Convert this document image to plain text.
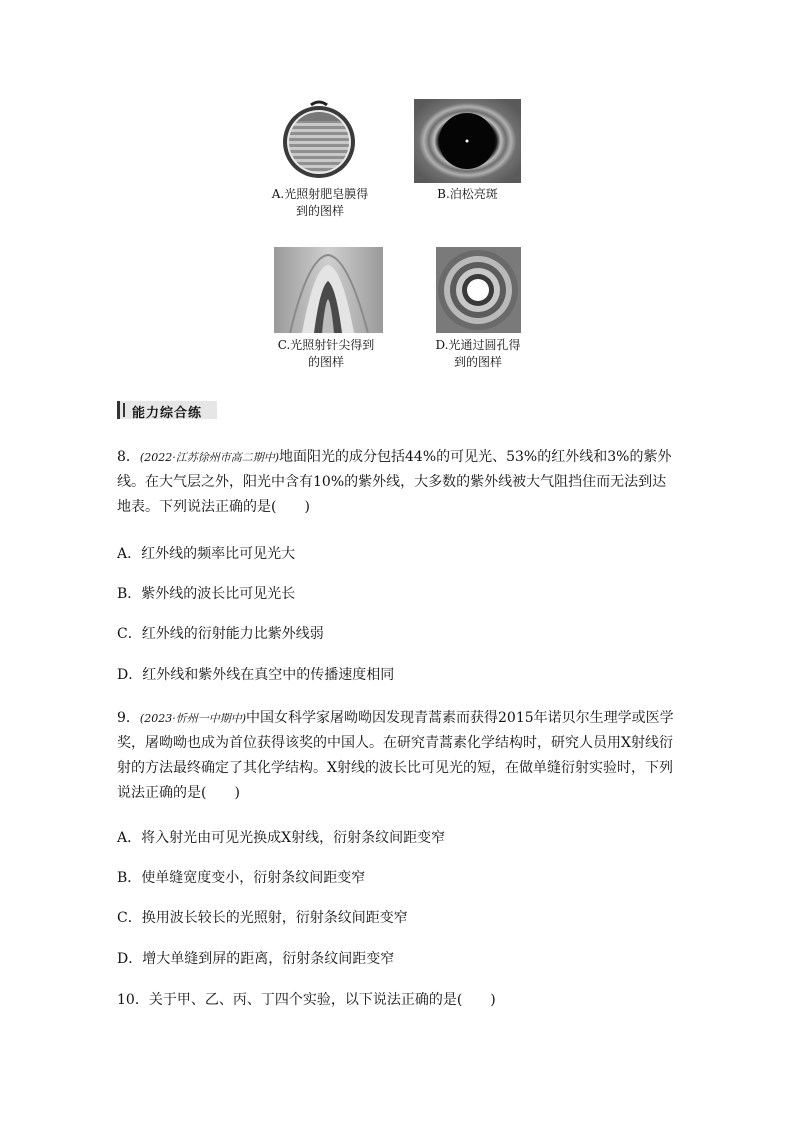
A.光照射肥皂膜得
到的图样
B.泊松亮斑
C.光照射针尖得到
的图样
D.光通过圆孔得
到的图样
能力综合练

8．(2022·江苏徐州市高二期中)地面阳光的成分包括44%的可见光、53%的红外线和3%的紫外线。在大气层之外，阳光中含有10%的紫外线，大多数的紫外线被大气阻挡住而无法到达地表。下列说法正确的是(　　)

A．红外线的频率比可见光大
B．紫外线的波长比可见光长
C．红外线的衍射能力比紫外线弱
D．红外线和紫外线在真空中的传播速度相同

9．(2023·忻州一中期中)中国女科学家屠呦呦因发现青蒿素而获得2015年诺贝尔生理学或医学奖，屠呦呦也成为首位获得该奖的中国人。在研究青蒿素化学结构时，研究人员用X射线衍射的方法最终确定了其化学结构。X射线的波长比可见光的短，在做单缝衍射实验时，下列说法正确的是(　　)

A．将入射光由可见光换成X射线，衍射条纹间距变窄
B．使单缝宽度变小，衍射条纹间距变窄
C．换用波长较长的光照射，衍射条纹间距变窄
D．增大单缝到屏的距离，衍射条纹间距变窄
10．关于甲、乙、丙、丁四个实验，以下说法正确的是(　　)
